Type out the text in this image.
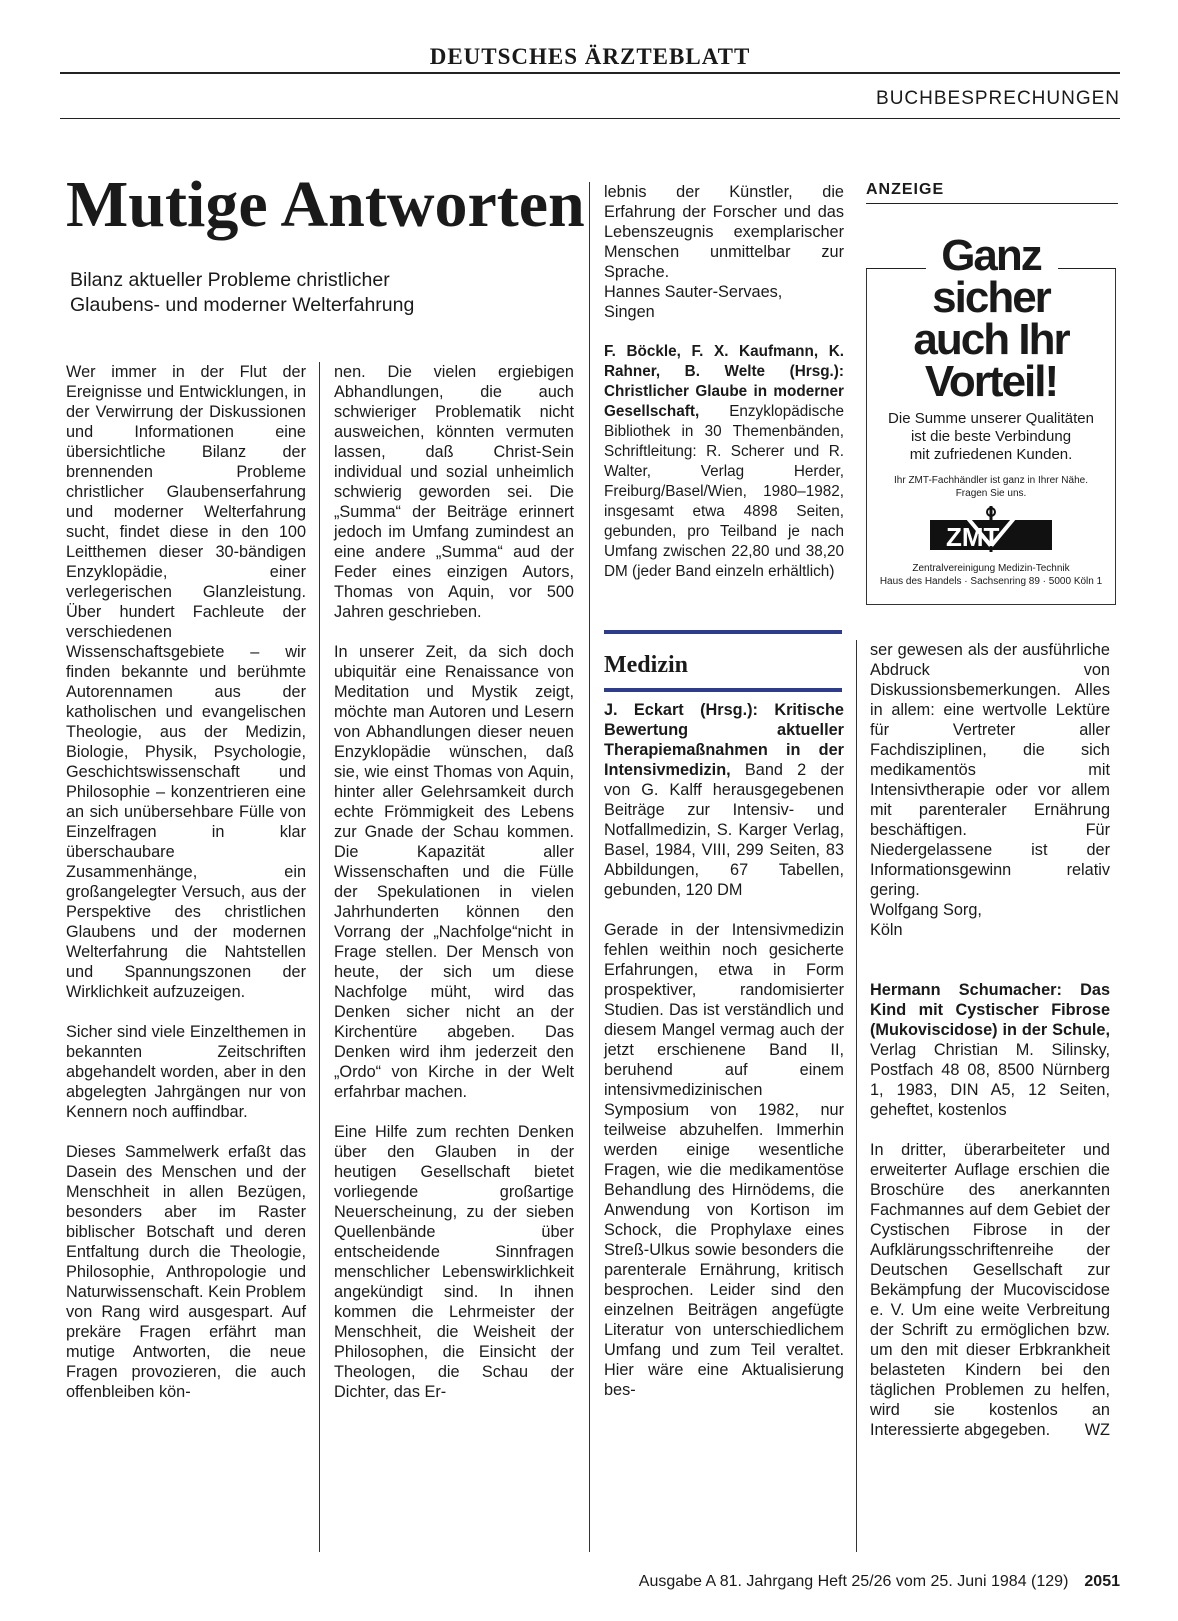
DEUTSCHES ÄRZTEBLATT
BUCHBESPRECHUNGEN
Mutige Antworten
Bilanz aktueller Probleme christlicher
Glaubens- und moderner Welterfahrung

Wer immer in der Flut der Ereignisse und Entwicklungen, in der Verwirrung der Diskussionen und Informationen eine übersichtliche Bilanz der brennenden Probleme christlicher Glaubenserfahrung und moderner Welterfahrung sucht, findet diese in den 100 Leitthemen dieser 30-bändigen Enzyklopädie, einer verlegerischen Glanzleistung. Über hundert Fachleute der verschiedenen Wissenschaftsgebiete – wir finden bekannte und berühmte Autorennamen aus der katholischen und evangelischen Theologie, aus der Medizin, Biologie, Physik, Psychologie, Geschichtswissenschaft und Philosophie – konzentrieren eine an sich unübersehbare Fülle von Einzelfragen in klar überschaubare Zusammenhänge, ein großangelegter Versuch, aus der Perspektive des christlichen Glaubens und der modernen Welterfahrung die Nahtstellen und Spannungszonen der Wirklichkeit aufzuzeigen.

Sicher sind viele Einzelthemen in bekannten Zeitschriften abgehandelt worden, aber in den abgelegten Jahrgängen nur von Kennern noch auffindbar.

Dieses Sammelwerk erfaßt das Dasein des Menschen und der Menschheit in allen Bezügen, besonders aber im Raster biblischer Botschaft und deren Entfaltung durch die Theologie, Philosophie, Anthropologie und Naturwissenschaft. Kein Problem von Rang wird ausgespart. Auf prekäre Fragen erfährt man mutige Antworten, die neue Fragen provozieren, die auch offenbleiben kön-

nen. Die vielen ergiebigen Abhandlungen, die auch schwieriger Problematik nicht ausweichen, könnten vermuten lassen, daß Christ-Sein individual und sozial unheimlich schwierig geworden sei. Die „Summa“ der Beiträge erinnert jedoch im Umfang zumindest an eine andere „Summa“ aud der Feder eines einzigen Autors, Thomas von Aquin, vor 500 Jahren geschrieben.

In unserer Zeit, da sich doch ubiquitär eine Renaissance von Meditation und Mystik zeigt, möchte man Autoren und Lesern von Abhandlungen dieser neuen Enzyklopädie wünschen, daß sie, wie einst Thomas von Aquin, hinter aller Gelehrsamkeit durch echte Frömmigkeit des Lebens zur Gnade der Schau kommen. Die Kapazität aller Wissenschaften und die Fülle der Spekulationen in vielen Jahrhunderten können den Vorrang der „Nachfolge“nicht in Frage stellen. Der Mensch von heute, der sich um diese Nachfolge müht, wird das Denken sicher nicht an der Kirchentüre abgeben. Das Denken wird ihm jederzeit den „Ordo“ von Kirche in der Welt erfahrbar machen.

Eine Hilfe zum rechten Denken über den Glauben in der heutigen Gesellschaft bietet vorliegende großartige Neuerscheinung, zu der sieben Quellenbände über entscheidende Sinnfragen menschlicher Lebenswirklichkeit angekündigt sind. In ihnen kommen die Lehrmeister der Menschheit, die Weisheit der Philosophen, die Einsicht der Theologen, die Schau der Dichter, das Er-

lebnis der Künstler, die Erfahrung der Forscher und das Lebenszeugnis exemplarischer Menschen unmittelbar zur Sprache.

Hannes Sauter-Servaes,
Singen

F. Böckle, F. X. Kaufmann, K. Rahner, B. Welte (Hrsg.): Christlicher Glaube in moderner Gesellschaft, Enzyklopädische Bibliothek in 30 Themenbänden, Schriftleitung: R. Scherer und R. Walter, Verlag Herder, Freiburg/Basel/Wien, 1980–1982, insgesamt etwa 4898 Seiten, gebunden, pro Teilband je nach Umfang zwischen 22,80 und 38,20 DM (jeder Band einzeln erhältlich)

Medizin

J. Eckart (Hrsg.): Kritische Bewertung aktueller Therapiemaßnahmen in der Intensivmedizin, Band 2 der von G. Kalff herausgegebenen Beiträge zur Intensiv- und Notfallmedizin, S. Karger Verlag, Basel, 1984, VIII, 299 Seiten, 83 Abbildungen, 67 Tabellen, gebunden, 120 DM

Gerade in der Intensivmedizin fehlen weithin noch gesicherte Erfahrungen, etwa in Form prospektiver, randomisierter Studien. Das ist verständlich und diesem Mangel vermag auch der jetzt erschienene Band II, beruhend auf einem intensivmedizinischen Symposium von 1982, nur teilweise abzuhelfen. Immerhin werden einige wesentliche Fragen, wie die medikamentöse Behandlung des Hirnödems, die Anwendung von Kortison im Schock, die Prophylaxe eines Streß-Ulkus sowie besonders die parenterale Ernährung, kritisch besprochen. Leider sind den einzelnen Beiträgen angefügte Literatur von unterschiedlichem Umfang und zum Teil veraltet. Hier wäre eine Aktualisierung bes-

ser gewesen als der ausführliche Abdruck von Diskussionsbemerkungen. Alles in allem: eine wertvolle Lektüre für Vertreter aller Fachdisziplinen, die sich medikamentös mit Intensivtherapie oder vor allem mit parenteraler Ernährung beschäftigen. Für Niedergelassene ist der Informationsgewinn relativ gering.

Wolfgang Sorg,
Köln

Hermann Schumacher: Das Kind mit Cystischer Fibrose (Mukoviscidose) in der Schule, Verlag Christian M. Silinsky, Postfach 48 08, 8500 Nürnberg 1, 1983, DIN A5, 12 Seiten, geheftet, kostenlos

In dritter, überarbeiteter und erweiterter Auflage erschien die Broschüre des anerkannten Fachmannes auf dem Gebiet der Cystischen Fibrose in der Aufklärungsschriftenreihe der Deutschen Gesellschaft zur Bekämpfung der Mucoviscidose e. V. Um eine weite Verbreitung der Schrift zu ermöglichen bzw. um den mit dieser Erbkrankheit belasteten Kindern bei den täglichen Problemen zu helfen, wird sie kostenlos an Interessierte abgegeben.	WZ
ANZEIGE
Ganz
sicher
auch Ihr
Vorteil!
Die Summe unserer Qualitäten
ist die beste Verbindung
mit zufriedenen Kunden.
Ihr ZMT-Fachhändler ist ganz in Ihrer Nähe.
Fragen Sie uns.
ZMT
Zentralvereinigung Medizin-Technik
Haus des Handels · Sachsenring 89 · 5000 Köln 1
Ausgabe A 81. Jahrgang Heft 25/26 vom 25. Juni 1984 (129) 2051
